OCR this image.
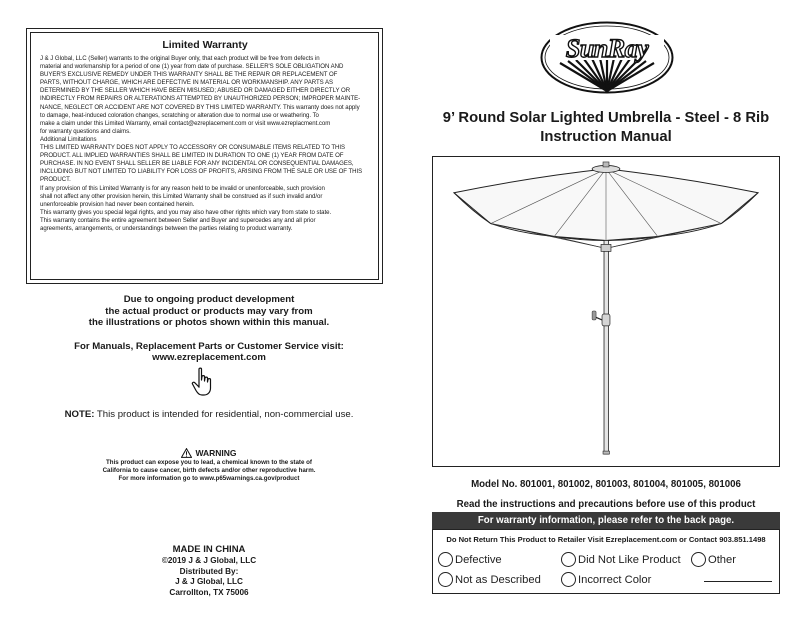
Limited Warranty
J & J Global, LLC (Seller) warrants to the original Buyer only, that each product will be free from defects in
material and workmanship for a period of one (1) year from date of purchase. SELLER'S SOLE OBLIGATION AND
BUYER'S EXCLUSIVE REMEDY UNDER THIS WARRANTY SHALL BE THE REPAIR OR REPLACEMENT OF
PARTS, WITHOUT CHARGE, WHICH ARE DEFECTIVE IN MATERIAL OR WORKMANSHIP. ANY PARTS AS
DETERMINED BY THE SELLER WHICH HAVE BEEN MISUSED; ABUSED OR DAMAGED EITHER DIRECTLY OR
INDIRECTLY FROM REPAIRS OR ALTERATIONS ATTEMPTED BY UNAUTHORIZED PERSON; IMPROPER MAINTE-
NANCE, NEGLECT OR ACCIDENT ARE NOT COVERED BY THIS LIMITED WARRANTY. This warranty does not apply
to damage, heat-induced coloration changes, scratching or alteration due to normal use or weathering. To
make a claim under this Limited Warranty, email contact@ezreplacement.com or visit www.ezreplacment.com
for warranty questions and claims.
Additional Limitations
THIS LIMITED WARRANTY DOES NOT APPLY TO ACCESSORY OR CONSUMABLE ITEMS RELATED TO THIS
PRODUCT. ALL IMPLIED WARRANTIES SHALL BE LIMITED IN DURATION TO ONE (1) YEAR FROM DATE OF
PURCHASE. IN NO EVENT SHALL SELLER BE LIABLE FOR ANY INCIDENTAL OR CONSEQUENTIAL DAMAGES,
INCLUDING BUT NOT LIMITED TO LIABILITY FOR LOSS OF PROFITS, ARISING FROM THE SALE OR USE OF THIS
PRODUCT.
If any provision of this Limited Warranty is for any reason held to be invalid or unenforceable, such provision
shall not affect any other provision herein, this Limited Warranty shall be construed as if such invalid and/or
unenforceable provision had never been contained herein.
This warranty gives you special legal rights, and you may also have other rights which vary from state to state.
This warranty contains the entire agreement between Seller and Buyer and supercedes any and all prior
agreements, arrangements, or understandings between the parties relating to product warranty.
Due to ongoing product development
the actual product or products may vary from
the illustrations or photos shown within this manual.
For Manuals, Replacement Parts or Customer Service visit:
www.ezreplacement.com
NOTE: This product is intended for residential, non-commercial use.
WARNING
This product can expose you to lead, a chemical known to the state of
California to cause cancer, birth defects and/or other reproductive harm.
For more information go to www.p65warnings.ca.gov/product
MADE IN CHINA
©2019 J & J Global, LLC
Distributed By:
J & J Global, LLC
Carrollton, TX 75006
SunRay
9’ Round Solar Lighted Umbrella - Steel - 8 Rib
Instruction Manual
Model No. 801001, 801002, 801003, 801004, 801005, 801006
Read the instructions and precautions before use of this product
For warranty information, please refer to the back page.
Do Not Return This Product to Retailer Visit Ezreplacement.com or Contact 903.851.1498
Defective	Did Not Like Product Other
Not as Described	Incorrect Color
